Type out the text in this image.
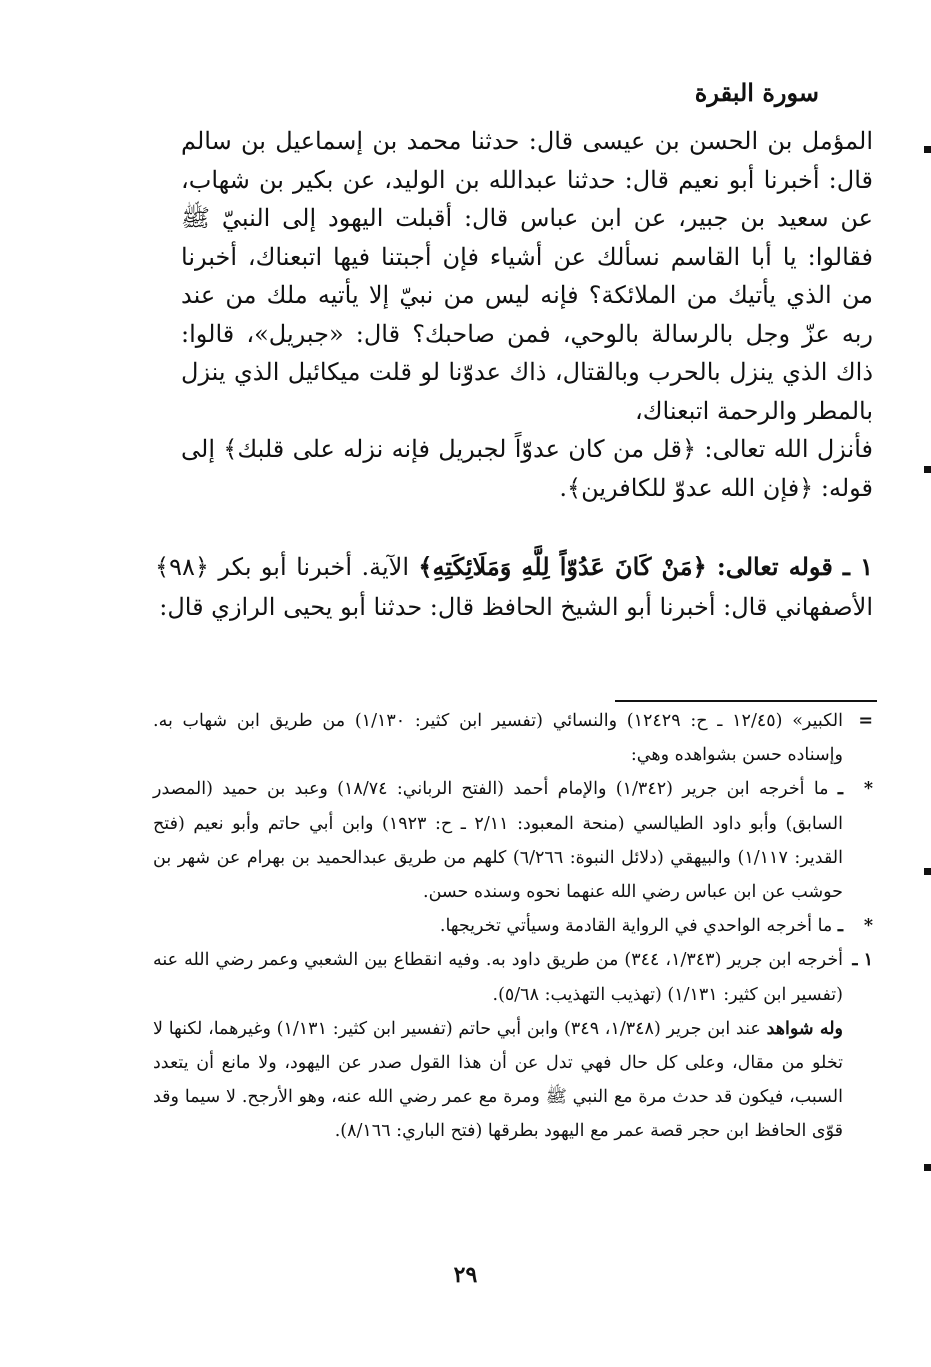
سورة البقرة

المؤمل بن الحسن بن عيسى قال: حدثنا محمد بن إسماعيل بن سالم قال: أخبرنا أبو نعيم قال: حدثنا عبدالله بن الوليد، عن بكير بن شهاب، عن سعيد بن جبير، عن ابن عباس قال: أقبلت اليهود إلى النبيّ ﷺ فقالوا: يا أبا القاسم نسألك عن أشياء فإن أجبتنا فيها اتبعناك، أخبرنا من الذي يأتيك من الملائكة؟ فإنه ليس من نبيّ إلا يأتيه ملك من عند ربه عزّ وجل بالرسالة بالوحي، فمن صاحبك؟ قال: «جبريل»، قالوا: ذاك الذي ينزل بالحرب وبالقتال، ذاك عدوّنا لو قلت ميكائيل الذي ينزل بالمطر والرحمة اتبعناك،

فأنزل الله تعالى: ﴿قل من كان عدوّاً لجبريل فإنه نزله على قلبك﴾ إلى قوله: ﴿فإن الله عدوّ للكافرين﴾.

١ ـ قوله تعالى: ﴿مَنْ كَانَ عَدُوّاً لِلَّهِ وَمَلَائِكَتِهِ﴾ الآية. أخبرنا أبو بكر ﴿٩٨﴾ الأصفهاني قال: أخبرنا أبو الشيخ الحافظ قال: حدثنا أبو يحيى الرازي قال:

=
الكبير» (١٢/٤٥ ـ ح: ١٢٤٢٩) والنسائي (تفسير ابن كثير: ١/١٣٠) من طريق ابن شهاب به. وإسناده حسن بشواهده وهي:

*
ـ ما أخرجه ابن جرير (١/٣٤٢) والإمام أحمد (الفتح الرباني: ١٨/٧٤) وعبد بن حميد (المصدر السابق) وأبو داود الطيالسي (منحة المعبود: ٢/١١ ـ ح: ١٩٢٣) وابن أبي حاتم وأبو نعيم (فتح القدير: ١/١١٧) والبيهقي (دلائل النبوة: ٦/٢٦٦) كلهم من طريق عبدالحميد بن بهرام عن شهر بن حوشب عن ابن عباس رضي الله عنهما نحوه وسنده حسن.

*
ـ ما أخرجه الواحدي في الرواية القادمة وسيأتي تخريجها.

١ ـ
أخرجه ابن جرير (١/٣٤٣، ٣٤٤) من طريق داود به. وفيه انقطاع بين الشعبي وعمر رضي الله عنه (تفسير ابن كثير: ١/١٣١) (تهذيب التهذيب: ٥/٦٨).

وله شواهد عند ابن جرير (١/٣٤٨، ٣٤٩) وابن أبي حاتم (تفسير ابن كثير: ١/١٣١) وغيرهما، لكنها لا تخلو من مقال، وعلى كل حال فهي تدل عن أن هذا القول صدر عن اليهود، ولا مانع أن يتعدد السبب، فيكون قد حدث مرة مع النبي ﷺ ومرة مع عمر رضي الله عنه، وهو الأرجح. لا سيما وقد قوّى الحافظ ابن حجر قصة عمر مع اليهود بطرقها (فتح الباري: ٨/١٦٦).

٢٩
